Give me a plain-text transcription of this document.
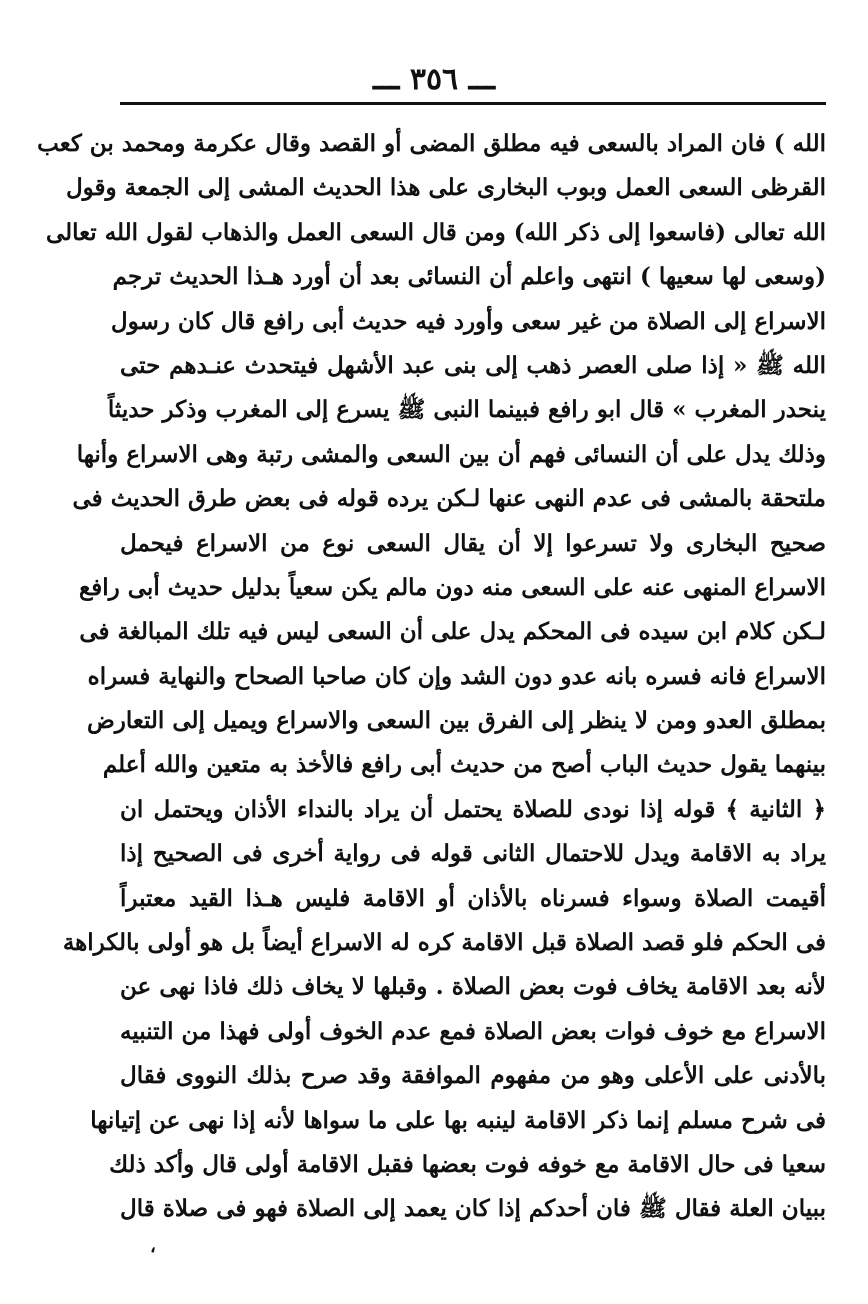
ـــ ٣٥٦ ـــ
الله ) فان المراد بالسعى فيه مطلق المضى أو القصد وقال عكرمة ومحمد بن كعب
القرظى السعى العمل وبوب البخارى على هذا الحديث المشى إلى الجمعة وقول
الله تعالى (فاسعوا إلى ذكر الله) ومن قال السعى العمل والذهاب لقول الله تعالى
(وسعى لها سعيها ) انتهى واعلم أن النسائى بعد أن أورد هـذا الحديث ترجم
الاسراع إلى الصلاة من غير سعى وأورد فيه حديث أبى رافع قال كان رسول
الله ﷺ « إذا صلى العصر ذهب إلى بنى عبد الأشهل فيتحدث عنـدهم حتى
ينحدر المغرب » قال ابو رافع فبينما النبى ﷺ يسرع إلى المغرب وذكر حديثاً
وذلك يدل على أن النسائى فهم أن بين السعى والمشى رتبة وهى الاسراع وأنها
ملتحقة بالمشى فى عدم النهى عنها لـكن يرده قوله فى بعض طرق الحديث فى
صحيح البخارى ولا تسرعوا إلا أن يقال السعى نوع من الاسراع فيحمل
الاسراع المنهى عنه على السعى منه دون مالم يكن سعياً بدليل حديث أبى رافع
لـكن كلام ابن سيده فى المحكم يدل على أن السعى ليس فيه تلك المبالغة فى
الاسراع فانه فسره بانه عدو دون الشد وإن كان صاحبا الصحاح والنهاية فسراه
بمطلق العدو ومن لا ينظر إلى الفرق بين السعى والاسراع ويميل إلى التعارض
بينهما يقول حديث الباب أصح من حديث أبى رافع فالأخذ به متعين والله أعلم
﴿ الثانية ﴾ قوله إذا نودى للصلاة يحتمل أن يراد بالنداء الأذان ويحتمل ان
يراد به الاقامة ويدل للاحتمال الثانى قوله فى رواية أخرى فى الصحيح إذا
أقيمت الصلاة وسواء فسرناه بالأذان أو الاقامة فليس هـذا القيد معتبراً
فى الحكم فلو قصد الصلاة قبل الاقامة كره له الاسراع أيضاً بل هو أولى بالكراهة
لأنه بعد الاقامة يخاف فوت بعض الصلاة . وقبلها لا يخاف ذلك فاذا نهى عن
الاسراع مع خوف فوات بعض الصلاة فمع عدم الخوف أولى فهذا من التنبيه
بالأدنى على الأعلى وهو من مفهوم الموافقة وقد صرح بذلك النووى فقال
فى شرح مسلم إنما ذكر الاقامة لينبه بها على ما سواها لأنه إذا نهى عن إتيانها
سعيا فى حال الاقامة مع خوفه فوت بعضها فقبل الاقامة أولى قال وأكد ذلك
ببيان العلة فقال ﷺ فان أحدكم إذا كان يعمد إلى الصلاة فهو فى صلاة قال
،
